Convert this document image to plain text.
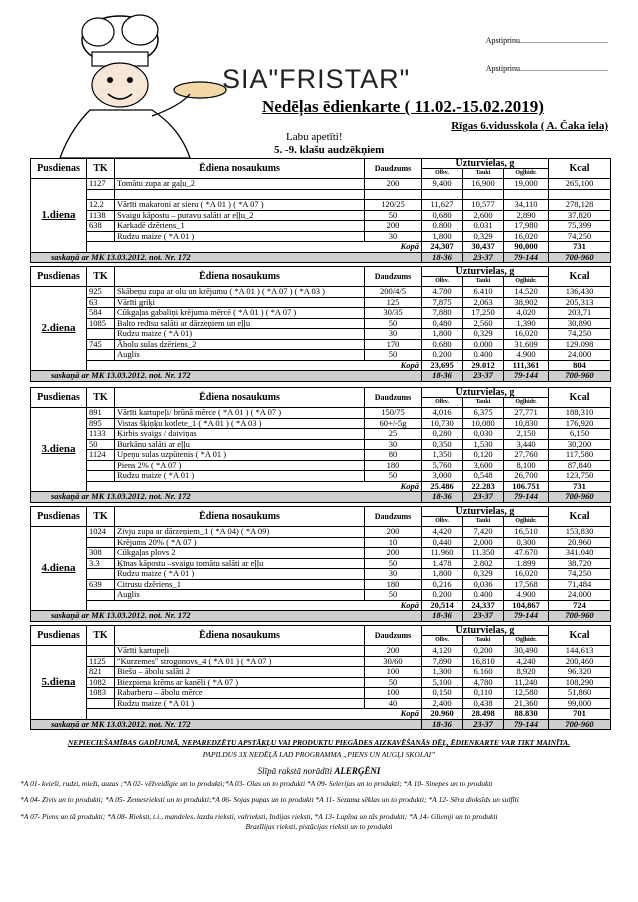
Apstiprinu............................................
Apstiprinu............................................
SIA"FRISTAR"
Nedēļas ēdienkarte ( 11.02.-15.02.2019)
Rīgas 6.vidusskola ( A. Čaka iela)
Labu apetīti!
5. -9. klašu audzēkņiem
Pusdienas	TK	Ēdiena nosaukums	Daudzums	Uzturvielas, g			Kcal
				Olbv.	Tauki	Ogļhidr.	
1.diena	1127	Tomātu zupa ar gaļu_2	200	9,400	16,900	19,000	265,100

	12.2	Vārīti makaroni ar sieru ( *A 01 ) ( *A 07 )	120/25	11,627	10,577	34,110	278,128
	1138	Svaigu kāpostu – puravu salāti ar eļļu_2	50	0,680	2,600	2,890	37,820
	638	Karkadē dzēriens_1	200	0.800	0.031	17,980	75,399
		Rudzu maize ( *A 01 )	30	1,800	0,329	16,020	74,250
	Kopā			24,307	30,437	90,000	731
saskaņā ar MK 13.03.2012. not. Nr. 172				18-36	23-37	79-144	700-960
Pusdienas	TK	Ēdiena nosaukums	Daudzums	Uzturvielas, g			Kcal
				Olbv.	Tauki	Ogļhidr.	
2.diena	925	Skābeņu zupa ar olu un krējumu ( *A 01 ) ( *A 07 ) ( *A 03 )	200/4/5	4.780	6.410	14.520	136,430
	63	Vārīti griķi	125	7,875	2,063	38,902	205,313
	584	Cūkgaļas gabaliņi krējuma mērcē ( *A 01 ) ( *A 07 )	30/35	7,880	17,250	4,020	203,71
	1085	Balto redīsu salāti ar dārzeņiem un eļļu	50	0,480	2,560	1,390	30,890
		Rudzu maize ( *A 01)	30	1,800	0,329	16,020	74,250
	745	Ābolu sulas dzēriens_2	170	0.680	0.000	31.609	129.098
		Auglis	50	0.200	0.400	4.900	24.000
	Kopā			23,695	29.012	111,361	804
saskaņā ar MK 13.03.2012. not. Nr. 172				18-36	23-37	79-144	700-960
Pusdienas	TK	Ēdiena nosaukums	Daudzums	Uzturvielas, g			Kcal
				Olbv.	Tauki	Ogļhidr.	
3.diena	891	Vārīti kartupeļi/ brūnā mērce ( *A 01 ) ( *A 07 )	150/75	4,016	6,375	27,771	188,310
	895	Vistas šķiņķu kotlete_1 ( *A 01 ) ( *A 03 )	60+/-5g	10,730	10,080	10,830	176,920
	1133	Ķirbis svaigs / daiviņas	25	0,280	0,030	2,150	6,150
	50	Burkānu salāti ar eļļu	30	0,350	1,530	3,440	30,200
	1124	Upeņu sulas uzpūtenis ( *A 01 )	80	1,350	0,120	27,760	117,580
		Piens 2% ( *A 07 )	180	5,760	3,600	8,100	87,840
		Rudzu maize ( *A 01 )	50	3,000	0,548	26,700	123,750
	Kopā			25.486	22.283	106.751	731
saskaņā ar MK 13.03.2012. not. Nr. 172				18-36	23-37	79-144	700-960
Pusdienas	TK	Ēdiena nosaukums	Daudzums	Uzturvielas, g			Kcal
				Olbv.	Tauki	Ogļhidr.	
4.diena	1024	Zivju zupa ar dārzeņiem_1 ( *A 04) ( *A 09)	200	4,420	7,420	16,510	153,830
		Krējums 20% ( *A 07 )	10	0,440	2,000	0,300	20.960
	308	Cūkgaļas plovs 2	200	11.960	11.350	47.670	341.040
	3.3	Ķīnas kāpostu –svaigu tomātu salāti ar eļļu	50	1.478	2.802	1.899	38.720
		Rudzu maize ( *A 01 )	30	1,800	0,329	16,020	74,250
	639	Citrusu dzēriens_1	180	0,216	0,036	17,568	71,484
		Auglis	50	0.200	0.400	4.900	24.000
	Kopā			20,514	24,337	104,867	724
saskaņā ar MK 13.03.2012. not. Nr. 172				18-36	23-37	79-144	700-960
Pusdienas	TK	Ēdiena nosaukums	Daudzums	Uzturvielas, g			Kcal
				Olbv.	Tauki	Ogļhidr.	
5.diena		Vārīti kartupeļi	200	4,120	0,200	30,490	144,613
	1125	"Kurzemes" strogonovs_4 ( *A 01 ) ( *A 07 )	30/60	7,890	16,810	4,240	200,460
	821	Biešu – ābolu salāti 2	100	1,300	6.160	8,920	96.320
	1082	Biezpiena krēms ar kanēli ( *A 07 )	50	5,100	4,780	11,240	108,290
	1083	Rabarberu – ābolu mērce	100	0,150	0,110	12,580	51,860
		Rudzu maize ( *A 01 )	40	2,400	0,438	21,360	99,000
	Kopā			20.960	28.498	88.830	701
saskaņā ar MK 13.03.2012. not. Nr. 172				18-36	23-37	79-144	700-960
NEPIECIEŠAMĪBAS GADĪJUMĀ, NEPAREDZĒTU APSTĀKĻU VAI PRODUKTU PIEGĀDES AIZKAVĒŠANĀS DĒĻ, ĒDIENKARTE VAR TIKT MAINĪTA.
PAPILDUS 3X NEDĒĻĀ LAD PROGRAMMA „PIENS UN AUGĻI SKOLAI”
Slīpā rakstā norādīti ALERĢĒNI
*A 01- kvieši, rudzi, mieži, auzas ;*A 02- vēžveidīgie un to produkti;*A 03- Olas un to produkti *A 09- Selerijas un to produkti; *A 10- Sinepes un to produkti
*A 04- Zivis un to produkti; *A 05- Zemesrieksti un to produkti;*A 06- Sojas pupas un to produkti *A 11- Sezama sēklas un to produkti; *A 12- Sēra dioksīds un sulfīti
*A 07- Piens un tā produkti; *A 08- Rieksti, t.i., mandeles, lazdu rieksti, valrieksti, Indijas rieksti, *A 13- Lupīna un tās produkti; *A 14- Gliemji un to produkti
Brazīlijas rieksti, pistācijas rieksti un to produkti
